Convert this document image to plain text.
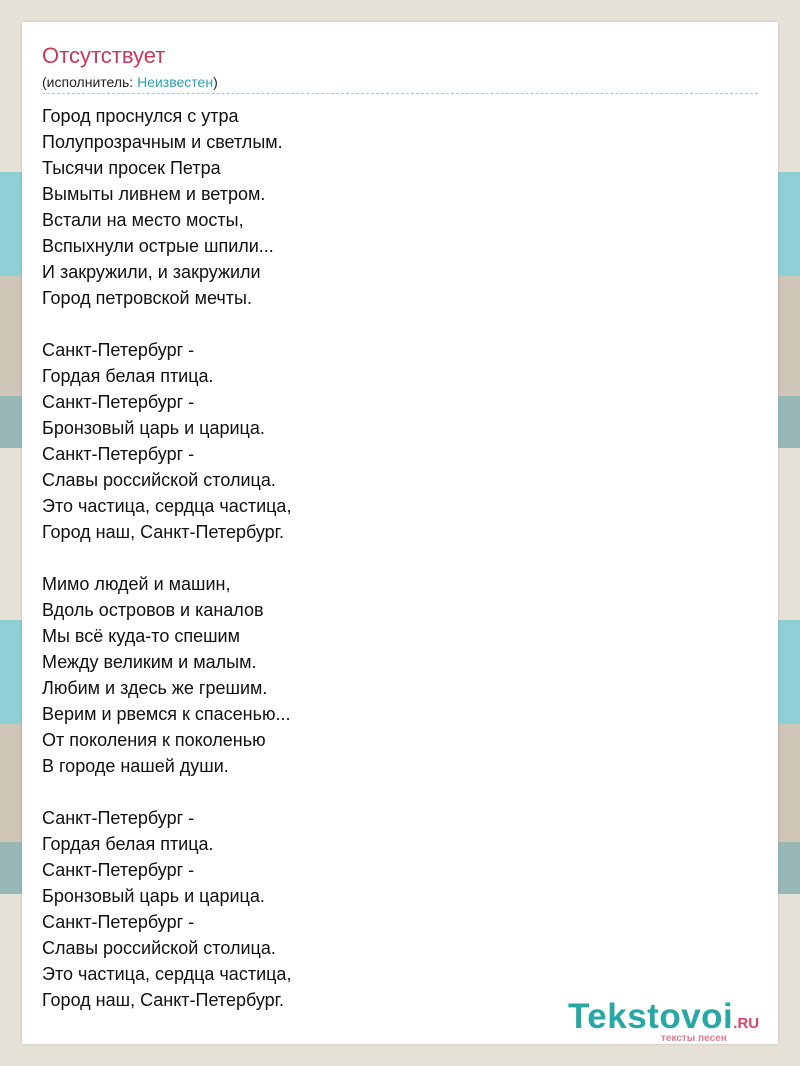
Отсутствует
(исполнитель: Неизвестен)
Город проснулся с утра
Полупрозрачным и светлым.
Тысячи просек Петра
Вымыты ливнем и ветром.
Встали на место мосты,
Вспыхнули острые шпили...
И закружили, и закружили
Город петровской мечты.
Санкт-Петербург -
Гордая белая птица.
Санкт-Петербург -
Бронзовый царь и царица.
Санкт-Петербург -
Славы российской столица.
Это частица, сердца частица,
Город наш, Санкт-Петербург.
Мимо людей и машин,
Вдоль островов и каналов
Мы всё куда-то спешим
Между великим и малым.
Любим и здесь же грешим.
Верим и рвемся к спасенью...
От поколения к поколенью
В городе нашей души.
Санкт-Петербург -
Гордая белая птица.
Санкт-Петербург -
Бронзовый царь и царица.
Санкт-Петербург -
Славы российской столица.
Это частица, сердца частица,
Город наш, Санкт-Петербург.	Tekstovoi.RU
тексты песен
